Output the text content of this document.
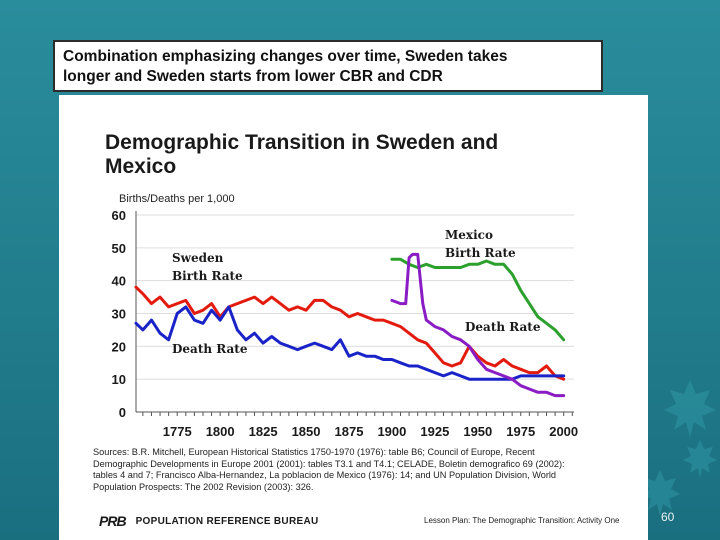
Combination emphasizing changes over time, Sweden takes
longer and Sweden starts from lower CBR and CDR
Demographic Transition in Sweden and
Mexico
Births/Deaths per 1,000
Sources: B.R. Mitchell, European Historical Statistics 1750-1970 (1976): table B6; Council of Europe, Recent
Demographic Developments in Europe 2001 (2001): tables T3.1 and T4.1; CELADE, Boletin demografico 69 (2002):
tables 4 and 7; Francisco Alba-Hernandez, La poblacion de Mexico (1976): 14; and UN Population Division, World
Population Prospects: The 2002 Revision (2003): 326.
PRB POPULATION REFERENCE BUREAU	Lesson Plan: The Demographic Transition: Activity One
0
10
20
30
40
50
60
1775 1800 1825 1850 1875 1900 1925 1950 1975 2000
Sweden
Birth Rate
Death Rate
Mexico
Birth Rate
Death Rate
60
